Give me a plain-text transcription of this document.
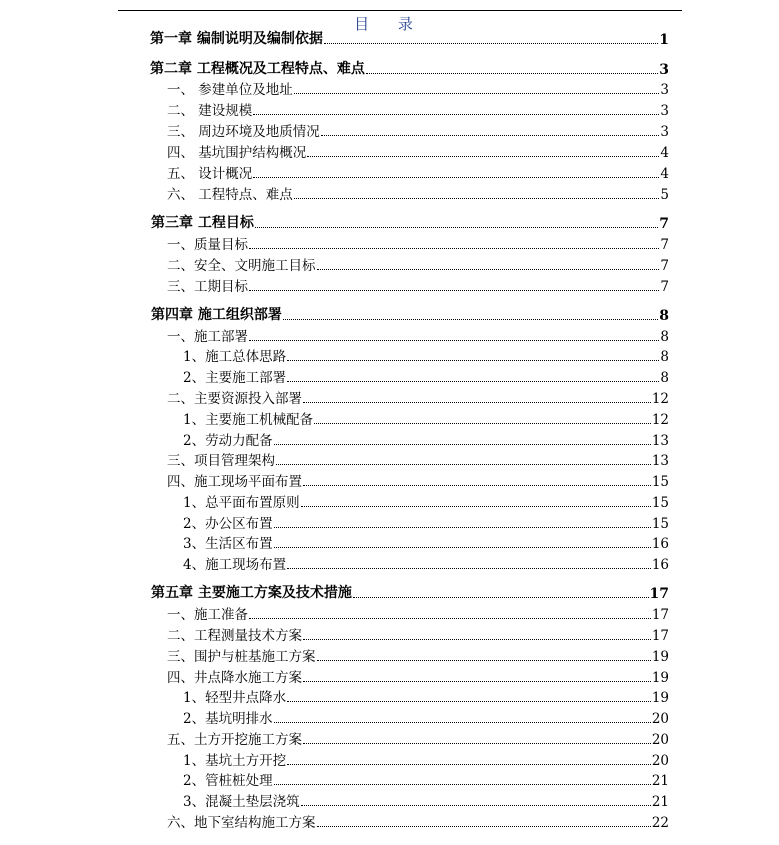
目 录
第一章 编制说明及编制依据	1
第二章 工程概况及工程特点、难点	3
一、 参建单位及地址	3
二、 建设规模	3
三、 周边环境及地质情况	3
四、 基坑围护结构概况	4
五、 设计概况	4
六、 工程特点、难点	5
第三章 工程目标	7
一、质量目标	7
二、安全、文明施工目标	7
三、工期目标	7
第四章 施工组织部署	8
一、施工部署	8
1、施工总体思路	8
2、主要施工部署	8
二、主要资源投入部署	12
1、主要施工机械配备	12
2、劳动力配备	13
三、项目管理架构	13
四、施工现场平面布置	15
1、总平面布置原则	15
2、办公区布置	15
3、生活区布置	16
4、施工现场布置	16
第五章 主要施工方案及技术措施	17
一、施工准备	17
二、工程测量技术方案	17
三、围护与桩基施工方案	19
四、井点降水施工方案	19
1、轻型井点降水	19
2、基坑明排水	20
五、土方开挖施工方案	20
1、基坑土方开挖	20
2、管桩桩处理	21
3、混凝土垫层浇筑	21
六、地下室结构施工方案	22
